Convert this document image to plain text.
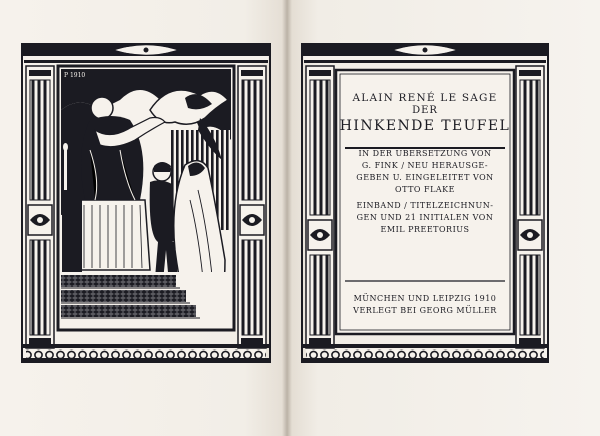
P 1910
ALAIN RENÉ LE SAGE
DER
HINKENDE TEUFEL
IN DER ÜBERSETZUNG VON
G. FINK / NEU HERAUSGE-
GEBEN U. EINGELEITET VON
OTTO FLAKE
EINBAND / TITELZEICHNUN-
GEN UND 21 INITIALEN VON
EMIL PREETORIUS
MÜNCHEN UND LEIPZIG 1910
VERLEGT BEI GEORG MÜLLER
